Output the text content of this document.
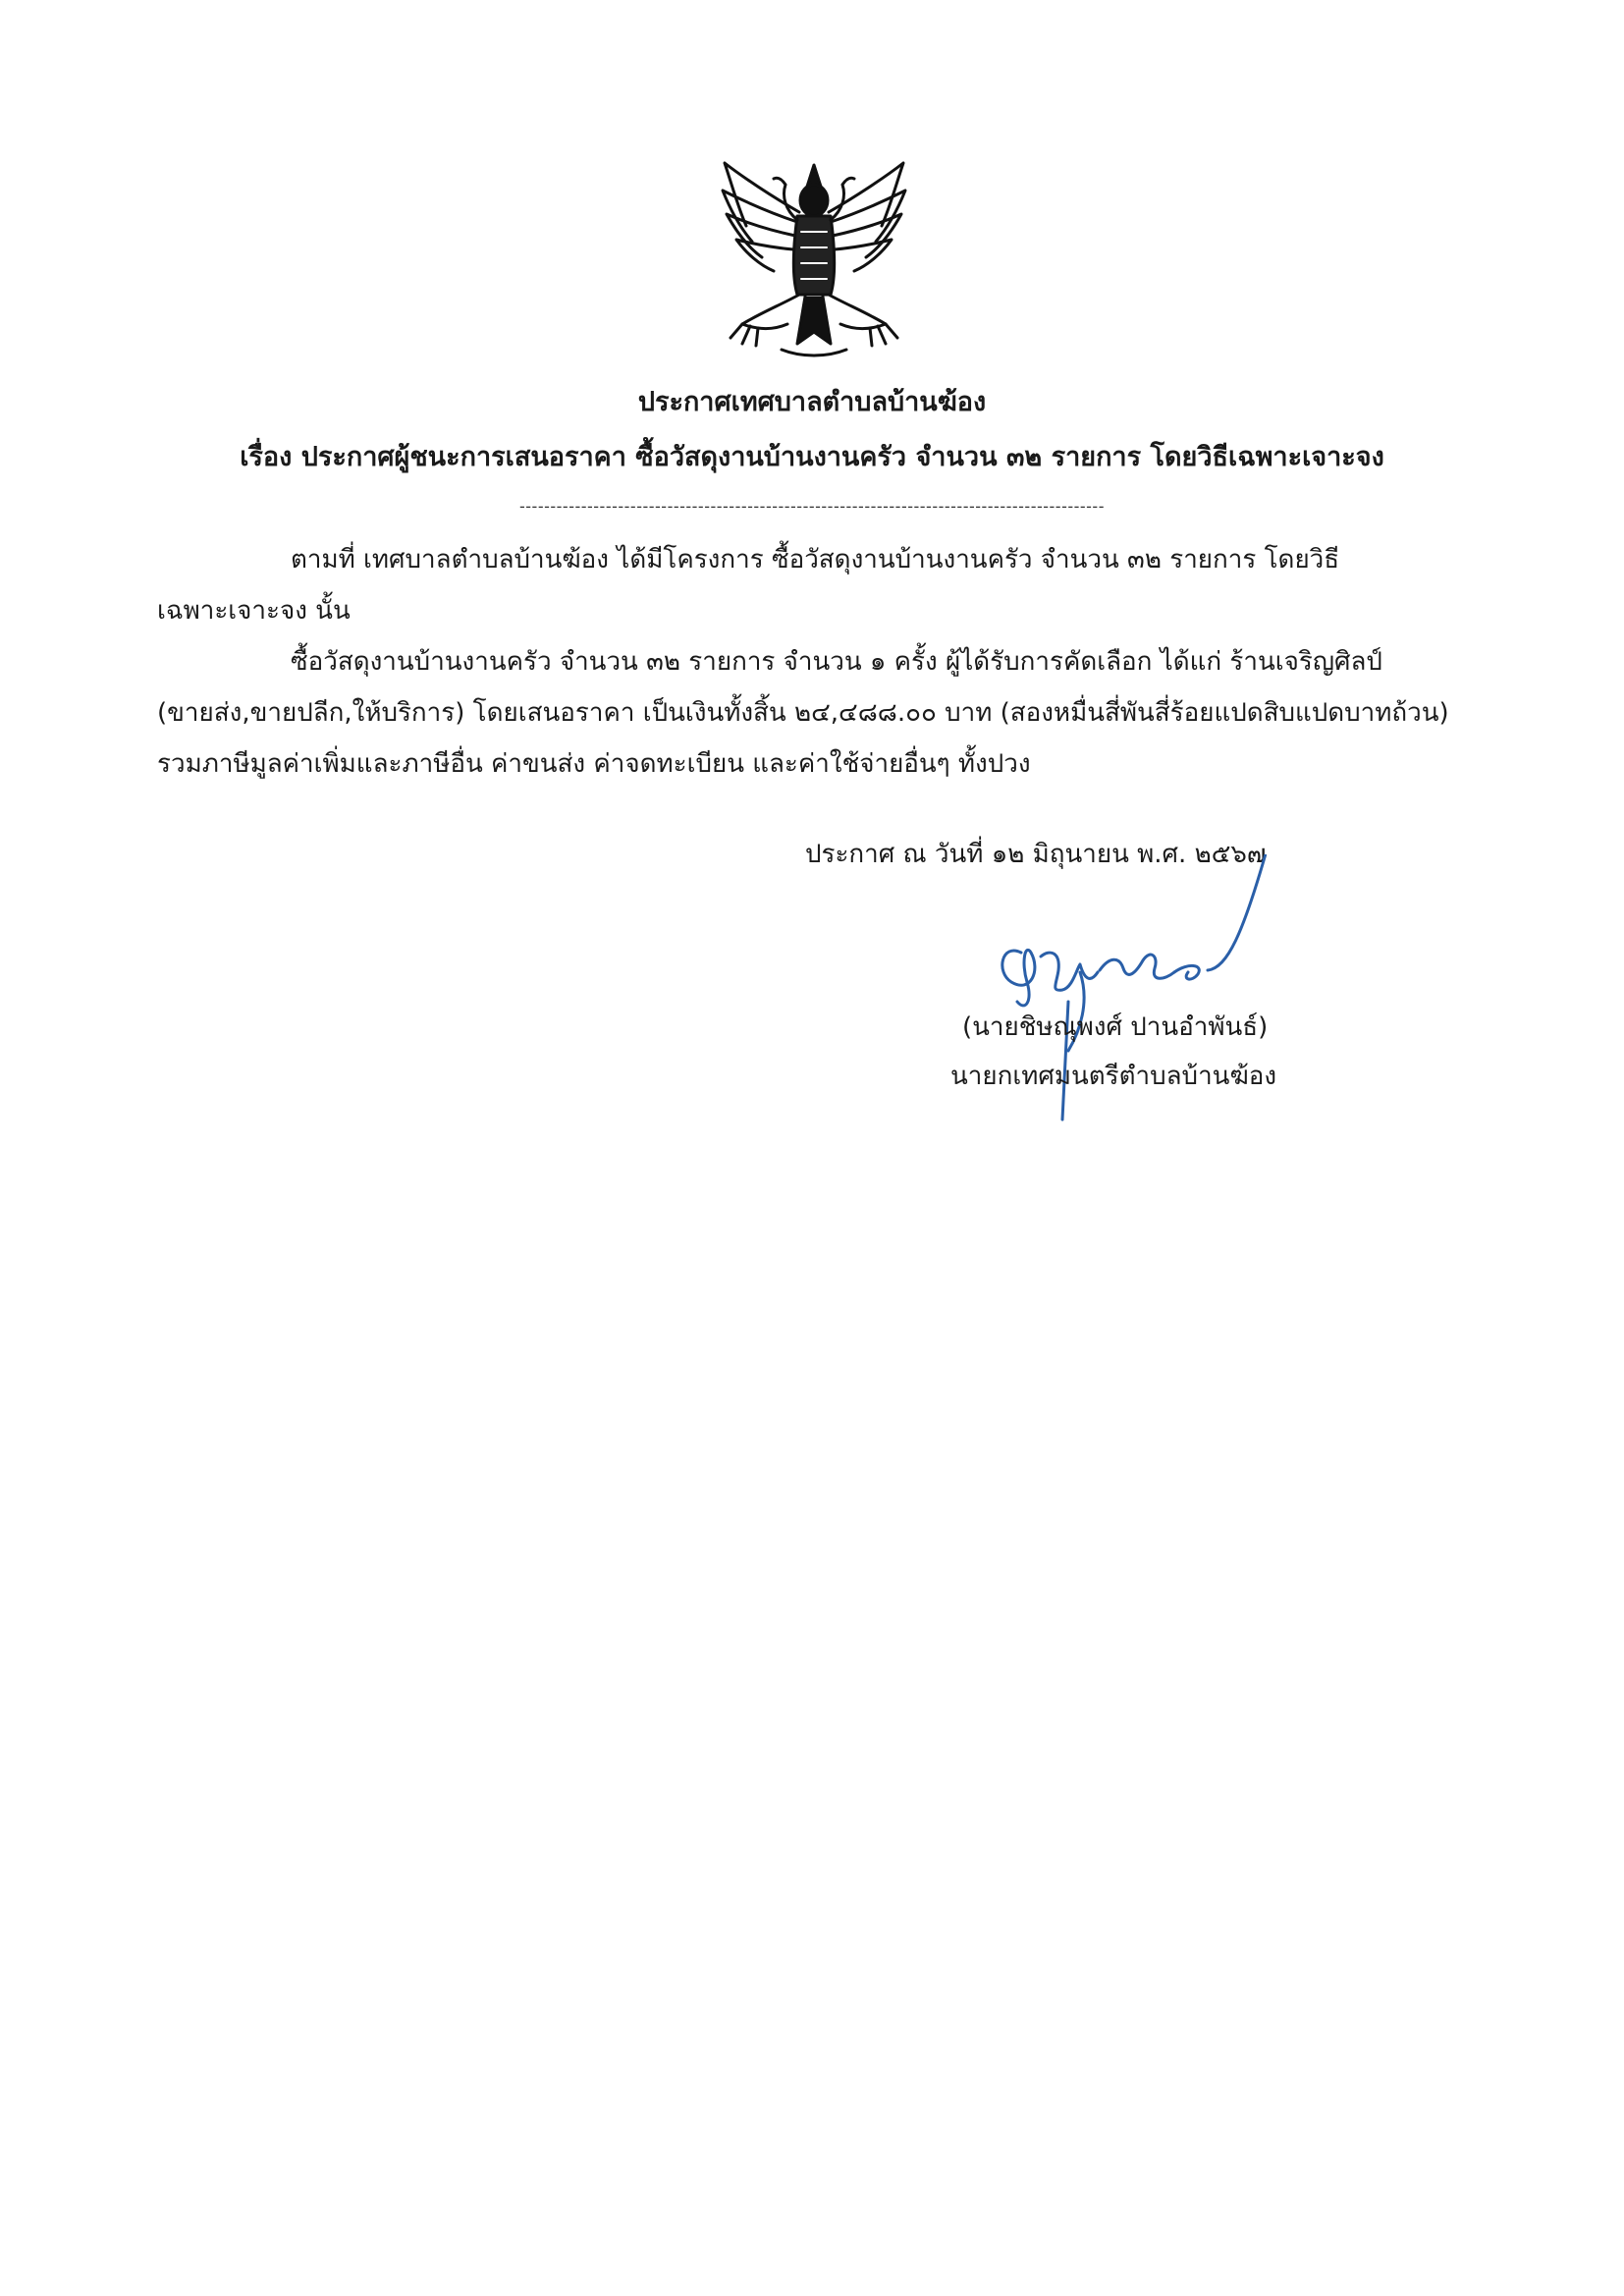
ประกาศเทศบาลตำบลบ้านฆ้อง
เรื่อง ประกาศผู้ชนะการเสนอราคา ซื้อวัสดุงานบ้านงานครัว จำนวน ๓๒ รายการ โดยวิธีเฉพาะเจาะจง
-----------------------------------------------------------------------------------------------
ตามที่ เทศบาลตำบลบ้านฆ้อง ได้มีโครงการ ซื้อวัสดุงานบ้านงานครัว จำนวน ๓๒ รายการ โดยวิธี
เฉพาะเจาะจง นั้น
ซื้อวัสดุงานบ้านงานครัว จำนวน ๓๒ รายการ จำนวน ๑ ครั้ง ผู้ได้รับการคัดเลือก ได้แก่ ร้านเจริญศิลป์
(ขายส่ง,ขายปลีก,ให้บริการ) โดยเสนอราคา เป็นเงินทั้งสิ้น ๒๔,๔๘๘.๐๐ บาท (สองหมื่นสี่พันสี่ร้อยแปดสิบแปดบาทถ้วน)
รวมภาษีมูลค่าเพิ่มและภาษีอื่น ค่าขนส่ง ค่าจดทะเบียน และค่าใช้จ่ายอื่นๆ ทั้งปวง
ประกาศ ณ วันที่ ๑๒ มิถุนายน พ.ศ. ๒๕๖๗
(นายชิษณุพงศ์ ปานอำพันธ์)
นายกเทศมนตรีตำบลบ้านฆ้อง
